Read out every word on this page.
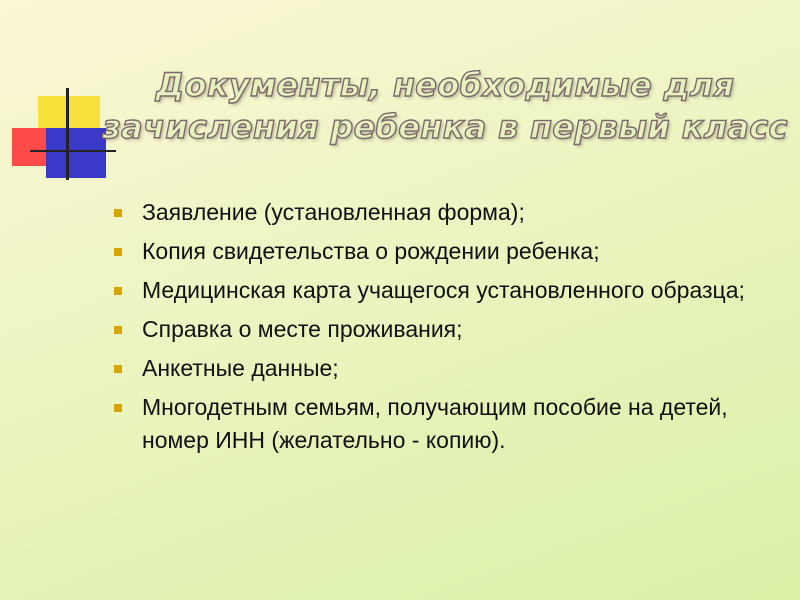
Документы, необходимые для
зачисления ребенка в первый класс
Заявление (установленная форма);
Копия свидетельства о рождении ребенка;
Медицинская карта учащегося установленного образца;
Справка о месте проживания;
Анкетные данные;
Многодетным семьям, получающим пособие на детей, номер ИНН (желательно - копию).
